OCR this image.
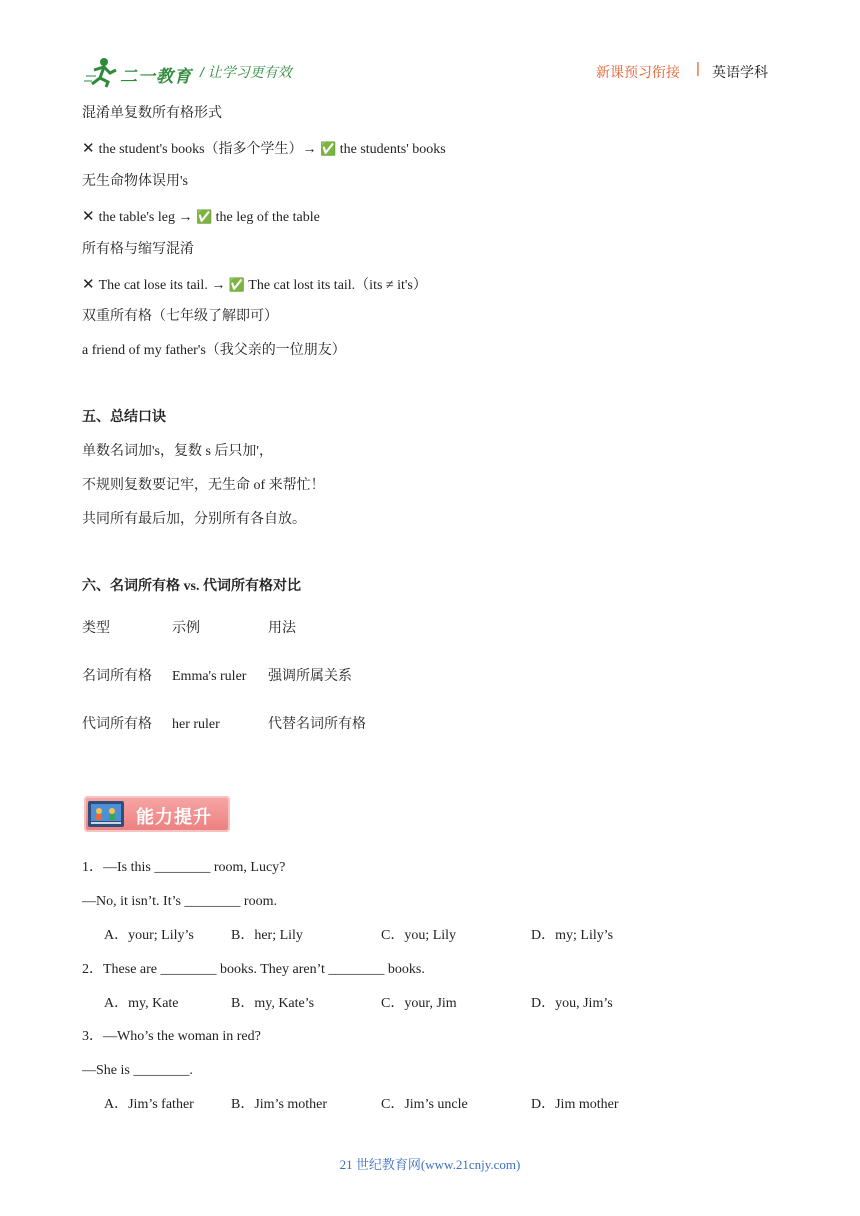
二一教育 / 让学习更有效	新课预习衔接 | 英语学科
混淆单复数所有格形式
✕ the student's books（指多个学生）→ ✅ the students' books
无生命物体误用's
✕ the table's leg → ✅ the leg of the table
所有格与缩写混淆
✕ The cat lose its tail. → ✅ The cat lost its tail.（its ≠ it's）
双重所有格（七年级了解即可）
a friend of my father's（我父亲的一位朋友）
五、总结口诀
单数名词加's，复数 s 后只加'，
不规则复数要记牢，无生命 of 来帮忙！
共同所有最后加，分别所有各自放。
六、名词所有格 vs. 代词所有格对比
类型	示例	用法
名词所有格 Emma's ruler 强调所属关系
代词所有格 her ruler	代替名词所有格
能力提升
1．—Is this ________ room, Lucy?
—No, it isn’t. It’s ________ room.
A．your; Lily’s	B．her; Lily	C．you; Lily	D．my; Lily’s
2．These are ________ books. They aren’t ________ books.
A．my, Kate	B．my, Kate’s	C．your, Jim	D．you, Jim’s
3．—Who’s the woman in red?
—She is ________.
A．Jim’s father	B．Jim’s mother	C．Jim’s uncle	D．Jim mother
21 世纪教育网(www.21cnjy.com)
